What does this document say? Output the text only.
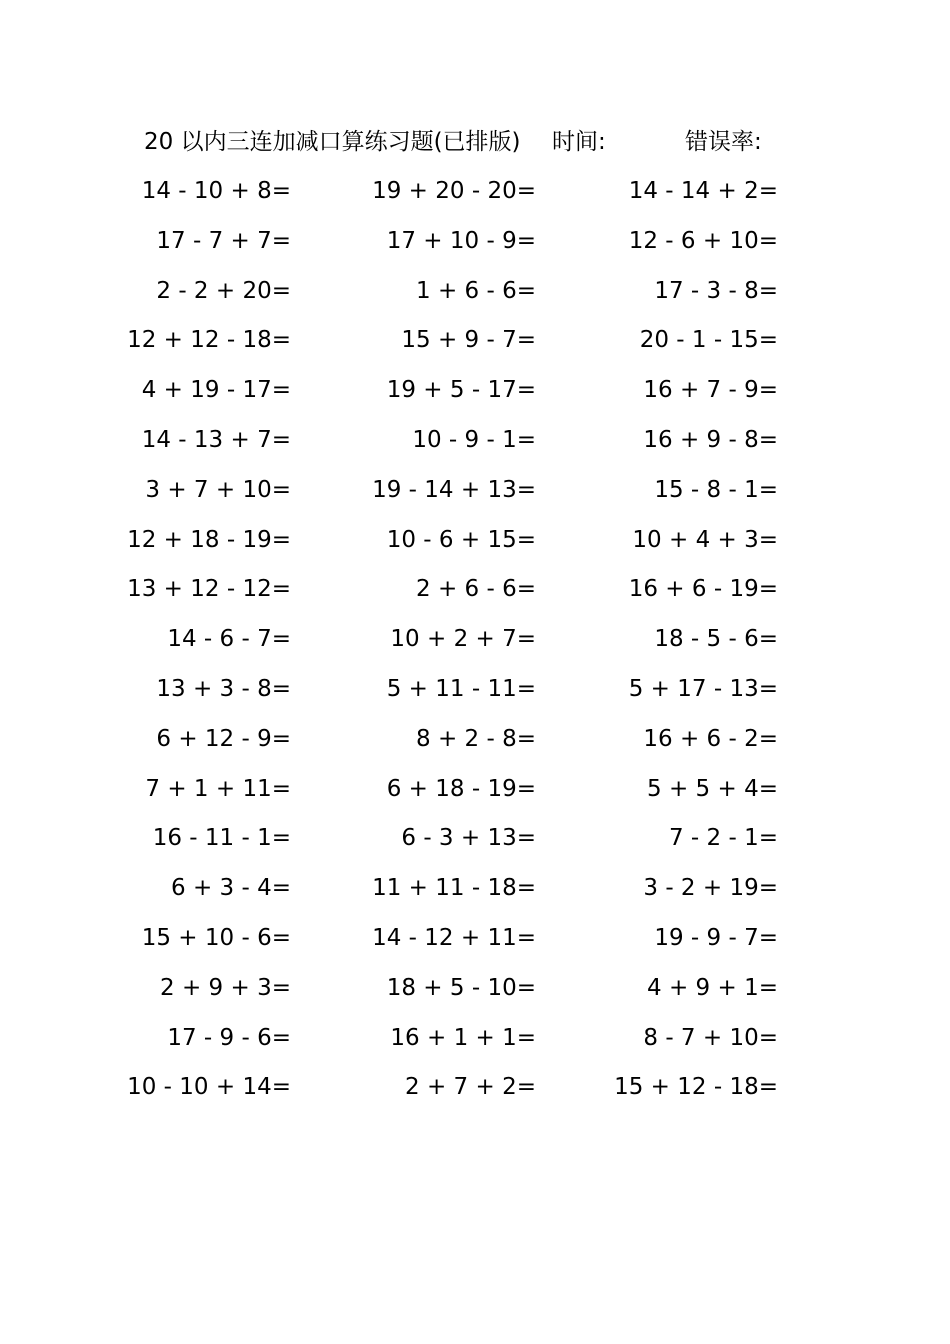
20 以内三连加减口算练习题(已排版) 时间:	错误率:
14 - 10 + 8=
17 - 7 + 7=
2 - 2 + 20=
12 + 12 - 18=
4 + 19 - 17=
14 - 13 + 7=
3 + 7 + 10=
12 + 18 - 19=
13 + 12 - 12=
14 - 6 - 7=
13 + 3 - 8=
6 + 12 - 9=
7 + 1 + 11=
16 - 11 - 1=
6 + 3 - 4=
15 + 10 - 6=
2 + 9 + 3=
17 - 9 - 6=
10 - 10 + 14=
19 + 20 - 20=
17 + 10 - 9=
1 + 6 - 6=
15 + 9 - 7=
19 + 5 - 17=
10 - 9 - 1=
19 - 14 + 13=
10 - 6 + 15=
2 + 6 - 6=
10 + 2 + 7=
5 + 11 - 11=
8 + 2 - 8=
6 + 18 - 19=
6 - 3 + 13=
11 + 11 - 18=
14 - 12 + 11=
18 + 5 - 10=
16 + 1 + 1=
2 + 7 + 2=
14 - 14 + 2=
12 - 6 + 10=
17 - 3 - 8=
20 - 1 - 15=
16 + 7 - 9=
16 + 9 - 8=
15 - 8 - 1=
10 + 4 + 3=
16 + 6 - 19=
18 - 5 - 6=
5 + 17 - 13=
16 + 6 - 2=
5 + 5 + 4=
7 - 2 - 1=
3 - 2 + 19=
19 - 9 - 7=
4 + 9 + 1=
8 - 7 + 10=
15 + 12 - 18=
